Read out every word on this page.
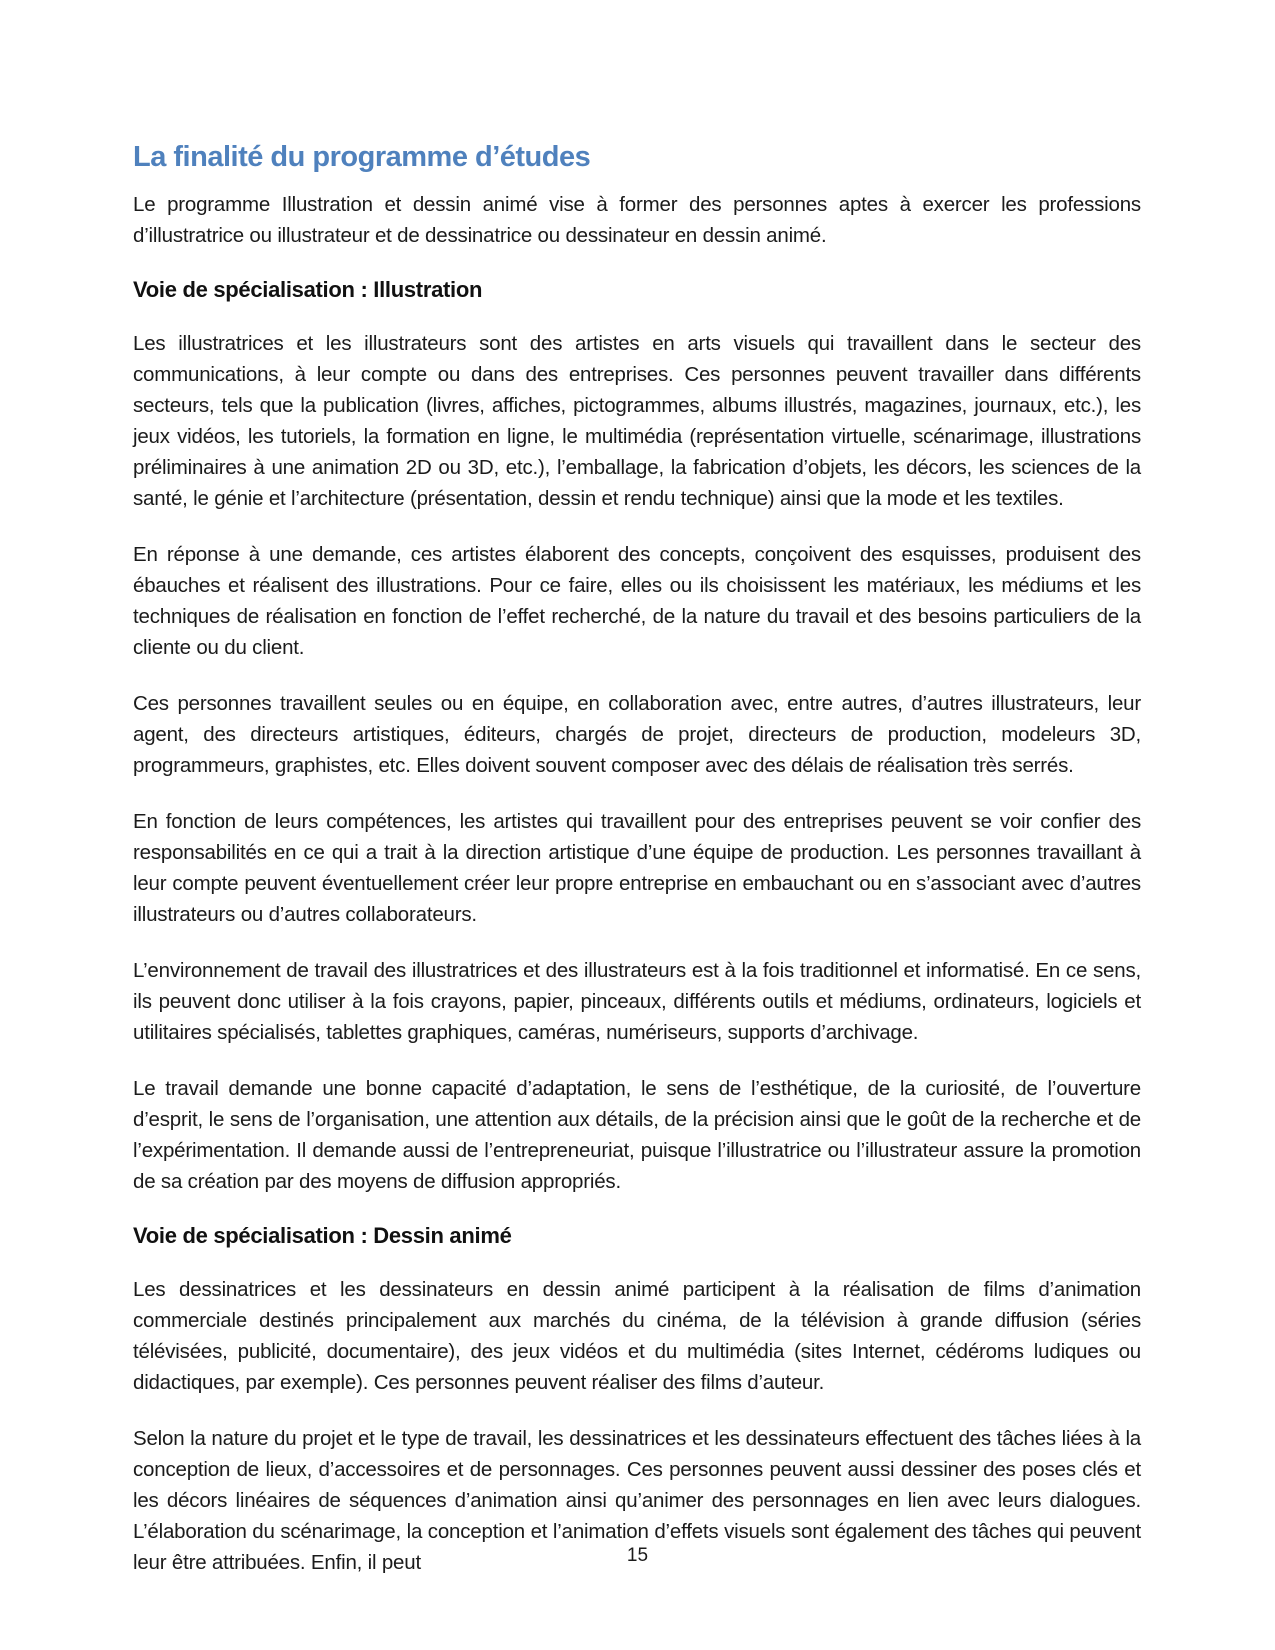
La finalité du programme d’études

Le programme Illustration et dessin animé vise à former des personnes aptes à exercer les professions d’illustratrice ou illustrateur et de dessinatrice ou dessinateur en dessin animé.

Voie de spécialisation : Illustration

Les illustratrices et les illustrateurs sont des artistes en arts visuels qui travaillent dans le secteur des communications, à leur compte ou dans des entreprises. Ces personnes peuvent travailler dans différents secteurs, tels que la publication (livres, affiches, pictogrammes, albums illustrés, magazines, journaux, etc.), les jeux vidéos, les tutoriels, la formation en ligne, le multimédia (représentation virtuelle, scénarimage, illustrations préliminaires à une animation 2D ou 3D, etc.), l’emballage, la fabrication d’objets, les décors, les sciences de la santé, le génie et l’architecture (présentation, dessin et rendu technique) ainsi que la mode et les textiles.

En réponse à une demande, ces artistes élaborent des concepts, conçoivent des esquisses, produisent des ébauches et réalisent des illustrations. Pour ce faire, elles ou ils choisissent les matériaux, les médiums et les techniques de réalisation en fonction de l’effet recherché, de la nature du travail et des besoins particuliers de la cliente ou du client.

Ces personnes travaillent seules ou en équipe, en collaboration avec, entre autres, d’autres illustrateurs, leur agent, des directeurs artistiques, éditeurs, chargés de projet, directeurs de production, modeleurs 3D, programmeurs, graphistes, etc. Elles doivent souvent composer avec des délais de réalisation très serrés.

En fonction de leurs compétences, les artistes qui travaillent pour des entreprises peuvent se voir confier des responsabilités en ce qui a trait à la direction artistique d’une équipe de production. Les personnes travaillant à leur compte peuvent éventuellement créer leur propre entreprise en embauchant ou en s’associant avec d’autres illustrateurs ou d’autres collaborateurs.

L’environnement de travail des illustratrices et des illustrateurs est à la fois traditionnel et informatisé. En ce sens, ils peuvent donc utiliser à la fois crayons, papier, pinceaux, différents outils et médiums, ordinateurs, logiciels et utilitaires spécialisés, tablettes graphiques, caméras, numériseurs, supports d’archivage.

Le travail demande une bonne capacité d’adaptation, le sens de l’esthétique, de la curiosité, de l’ouverture d’esprit, le sens de l’organisation, une attention aux détails, de la précision ainsi que le goût de la recherche et de l’expérimentation. Il demande aussi de l’entrepreneuriat, puisque l’illustratrice ou l’illustrateur assure la promotion de sa création par des moyens de diffusion appropriés.

Voie de spécialisation : Dessin animé

Les dessinatrices et les dessinateurs en dessin animé participent à la réalisation de films d’animation commerciale destinés principalement aux marchés du cinéma, de la télévision à grande diffusion (séries télévisées, publicité, documentaire), des jeux vidéos et du multimédia (sites Internet, cédéroms ludiques ou didactiques, par exemple). Ces personnes peuvent réaliser des films d’auteur.

Selon la nature du projet et le type de travail, les dessinatrices et les dessinateurs effectuent des tâches liées à la conception de lieux, d’accessoires et de personnages. Ces personnes peuvent aussi dessiner des poses clés et les décors linéaires de séquences d’animation ainsi qu’animer des personnages en lien avec leurs dialogues. L’élaboration du scénarimage, la conception et l’animation d’effets visuels sont également des tâches qui peuvent leur être attribuées. Enfin, il peut	15
